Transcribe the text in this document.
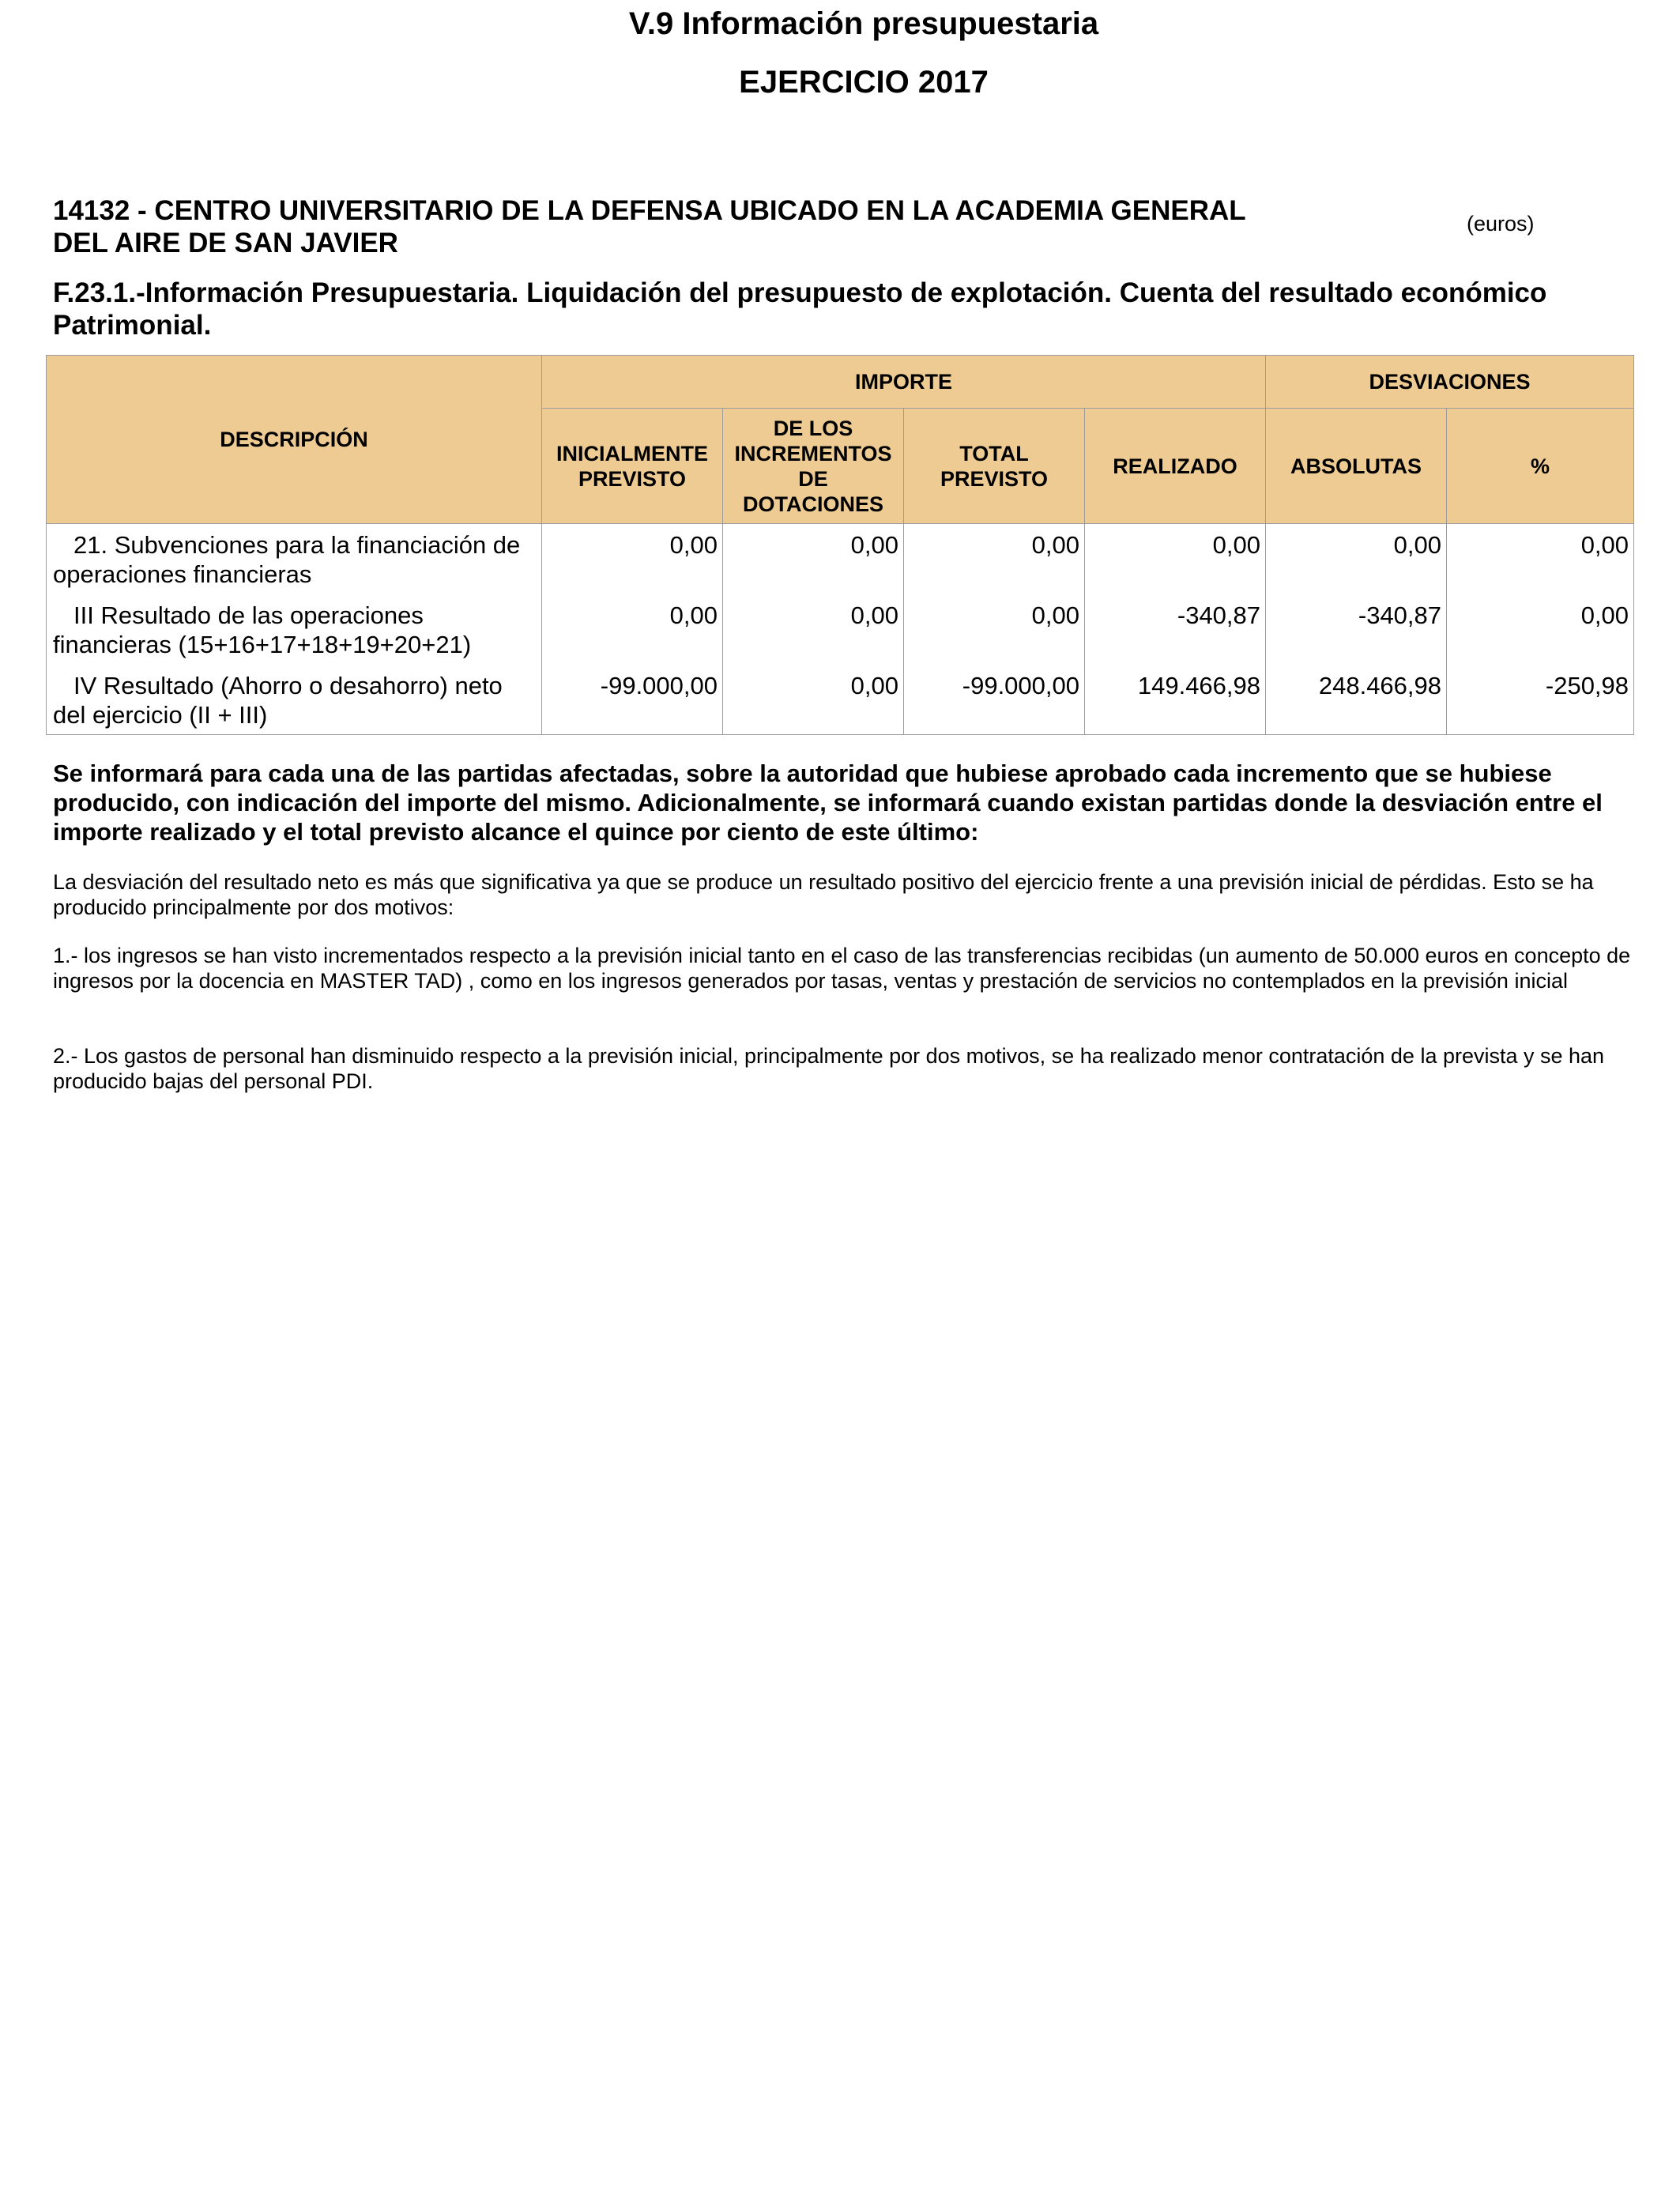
V.9 Información presupuestaria
EJERCICIO 2017
14132 - CENTRO UNIVERSITARIO DE LA DEFENSA UBICADO EN LA ACADEMIA GENERAL
DEL AIRE DE SAN JAVIER
(euros)
F.23.1.-Información Presupuestaria. Liquidación del presupuesto de explotación. Cuenta del resultado económico Patrimonial.
DESCRIPCIÓN	IMPORTE				DESVIACIONES	
	INICIALMENTE PREVISTO	DE LOS INCREMENTOS DE DOTACIONES	TOTAL PREVISTO	REALIZADO	ABSOLUTAS	%
21. Subvenciones para la financiación de operaciones financieras	0,00	0,00	0,00	0,00	0,00	0,00
III Resultado de las operaciones financieras (15+16+17+18+19+20+21)	0,00	0,00	0,00	-340,87	-340,87	0,00
IV Resultado (Ahorro o desahorro) neto del ejercicio (II + III)	-99.000,00	0,00	-99.000,00	149.466,98	248.466,98	-250,98

Se informará para cada una de las partidas afectadas, sobre la autoridad que hubiese aprobado cada incremento que se hubiese producido, con indicación del importe del mismo. Adicionalmente, se informará cuando existan partidas donde la desviación entre el importe realizado y el total previsto alcance el quince por ciento de este último:

La desviación del resultado neto es más que significativa ya que se produce un resultado positivo del ejercicio frente a una previsión inicial de pérdidas. Esto se ha producido principalmente por dos motivos:

1.- los ingresos se han visto incrementados respecto a la previsión inicial tanto en el caso de las transferencias recibidas (un aumento de 50.000 euros en concepto de ingresos por la docencia en MASTER TAD) , como en los ingresos generados por tasas, ventas y prestación de servicios no contemplados en la previsión inicial

2.- Los gastos de personal han disminuido respecto a la previsión inicial, principalmente por dos motivos, se ha realizado menor contratación de la prevista y se han producido bajas del personal PDI.
